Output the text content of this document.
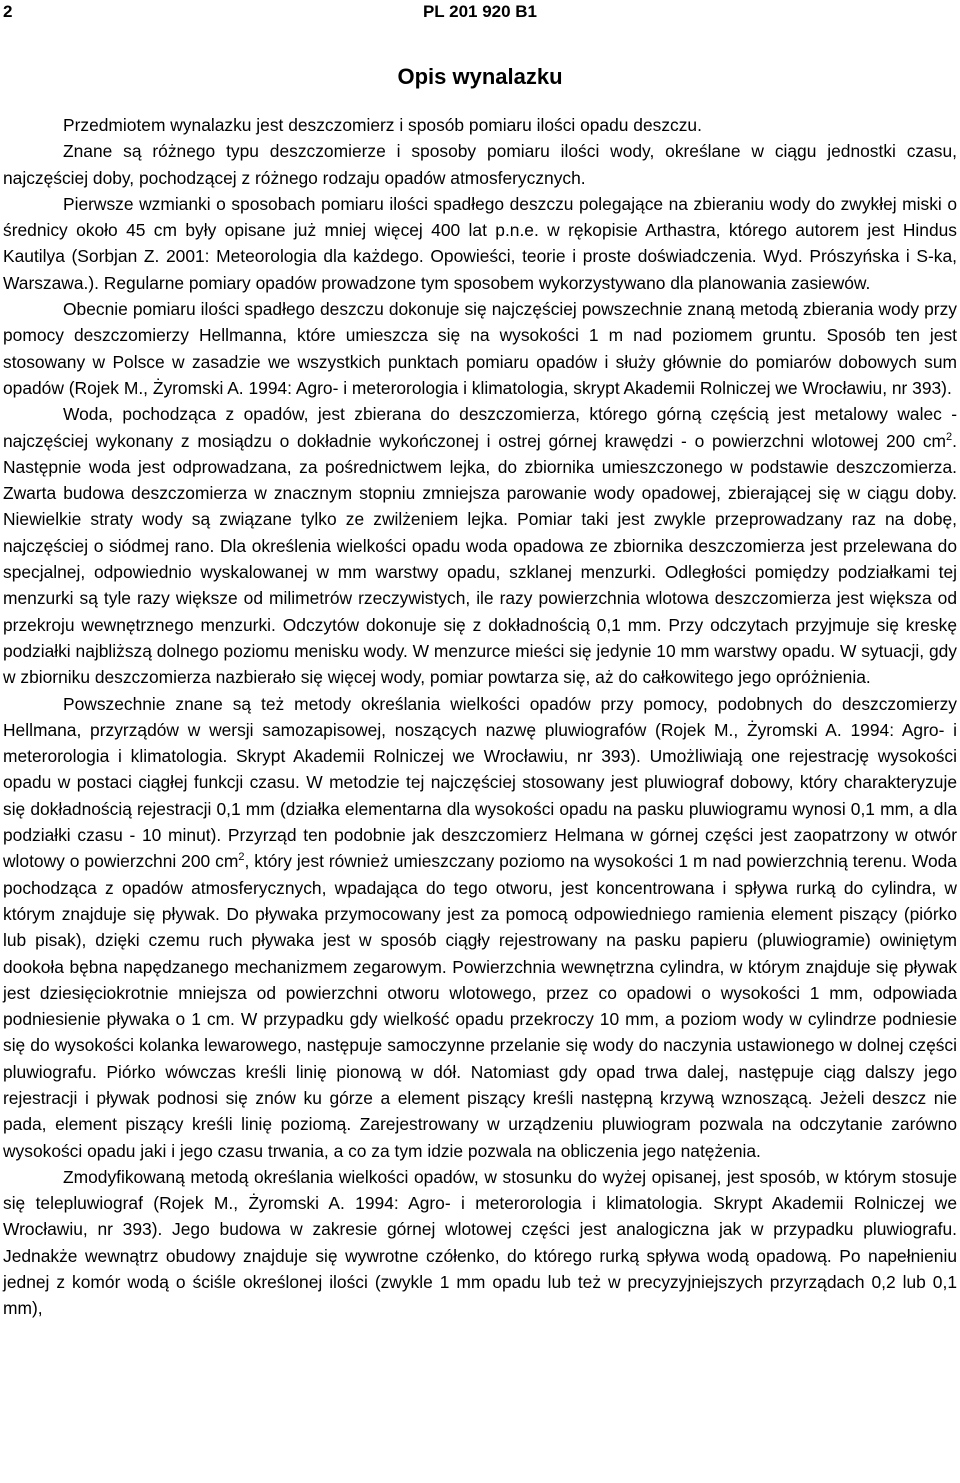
2	PL 201 920 B1
Opis wynalazku

Przedmiotem wynalazku jest deszczomierz i sposób pomiaru ilości opadu deszczu.

Znane są różnego typu deszczomierze i sposoby pomiaru ilości wody, określane w ciągu jednostki czasu, najczęściej doby, pochodzącej z różnego rodzaju opadów atmosferycznych.

Pierwsze wzmianki o sposobach pomiaru ilości spadłego deszczu polegające na zbieraniu wody do zwykłej miski o średnicy około 45 cm były opisane już mniej więcej 400 lat p.n.e. w rękopisie Arthastra, którego autorem jest Hindus Kautilya (Sorbjan Z. 2001: Meteorologia dla każdego. Opowieści, teorie i proste doświadczenia. Wyd. Prószyńska i S-ka, Warszawa.). Regularne pomiary opadów prowadzone tym sposobem wykorzystywano dla planowania zasiewów.

Obecnie pomiaru ilości spadłego deszczu dokonuje się najczęściej powszechnie znaną metodą zbierania wody przy pomocy deszczomierzy Hellmanna, które umieszcza się na wysokości 1 m nad poziomem gruntu. Sposób ten jest stosowany w Polsce w zasadzie we wszystkich punktach pomiaru opadów i służy głównie do pomiarów dobowych sum opadów (Rojek M., Żyromski A. 1994: Agro- i meterorologia i klimatologia, skrypt Akademii Rolniczej we Wrocławiu, nr 393).

Woda, pochodząca z opadów, jest zbierana do deszczomierza, którego górną częścią jest metalowy walec - najczęściej wykonany z mosiądzu o dokładnie wykończonej i ostrej górnej krawędzi - o powierzchni wlotowej 200 $cm^2$. Następnie woda jest odprowadzana, za pośrednictwem lejka, do zbiornika umieszczonego w podstawie deszczomierza. Zwarta budowa deszczomierza w znacznym stopniu zmniejsza parowanie wody opadowej, zbierającej się w ciągu doby. Niewielkie straty wody są związane tylko ze zwilżeniem lejka. Pomiar taki jest zwykle przeprowadzany raz na dobę, najczęściej o siódmej rano. Dla określenia wielkości opadu woda opadowa ze zbiornika deszczomierza jest przelewana do specjalnej, odpowiednio wyskalowanej w mm warstwy opadu, szklanej menzurki. Odległości pomiędzy podziałkami tej menzurki są tyle razy większe od milimetrów rzeczywistych, ile razy powierzchnia wlotowa deszczomierza jest większa od przekroju wewnętrznego menzurki. Odczytów dokonuje się z dokładnością 0,1 mm. Przy odczytach przyjmuje się kreskę podziałki najbliższą dolnego poziomu menisku wody. W menzurce mieści się jedynie 10 mm warstwy opadu. W sytuacji, gdy w zbiorniku deszczomierza nazbierało się więcej wody, pomiar powtarza się, aż do całkowitego jego opróżnienia.

Powszechnie znane są też metody określania wielkości opadów przy pomocy, podobnych do deszczomierzy Hellmana, przyrządów w wersji samozapisowej, noszących nazwę pluwiografów (Rojek M., Żyromski A. 1994: Agro- i meterorologia i klimatologia. Skrypt Akademii Rolniczej we Wrocławiu, nr 393). Umożliwiają one rejestrację wysokości opadu w postaci ciągłej funkcji czasu. W metodzie tej najczęściej stosowany jest pluwiograf dobowy, który charakteryzuje się dokładnością rejestracji 0,1 mm (działka elementarna dla wysokości opadu na pasku pluwiogramu wynosi 0,1 mm, a dla podziałki czasu - 10 minut). Przyrząd ten podobnie jak deszczomierz Helmana w górnej części jest zaopatrzony w otwór wlotowy o powierzchni 200 $cm^2$, który jest również umieszczany poziomo na wysokości 1 m nad powierzchnią terenu. Woda pochodząca z opadów atmosferycznych, wpadająca do tego otworu, jest koncentrowana i spływa rurką do cylindra, w którym znajduje się pływak. Do pływaka przymocowany jest za pomocą odpowiedniego ramienia element piszący (piórko lub pisak), dzięki czemu ruch pływaka jest w sposób ciągły rejestrowany na pasku papieru (pluwiogramie) owiniętym dookoła bębna napędzanego mechanizmem zegarowym. Powierzchnia wewnętrzna cylindra, w którym znajduje się pływak jest dziesięciokrotnie mniejsza od powierzchni otworu wlotowego, przez co opadowi o wysokości 1 mm, odpowiada podniesienie pływaka o 1 cm. W przypadku gdy wielkość opadu przekroczy 10 mm, a poziom wody w cylindrze podniesie się do wysokości kolanka lewarowego, następuje samoczynne przelanie się wody do naczynia ustawionego w dolnej części pluwiografu. Piórko wówczas kreśli linię pionową w dół. Natomiast gdy opad trwa dalej, następuje ciąg dalszy jego rejestracji i pływak podnosi się znów ku górze a element piszący kreśli następną krzywą wznoszącą. Jeżeli deszcz nie pada, element piszący kreśli linię poziomą. Zarejestrowany w urządzeniu pluwiogram pozwala na odczytanie zarówno wysokości opadu jaki i jego czasu trwania, a co za tym idzie pozwala na obliczenia jego natężenia.

Zmodyfikowaną metodą określania wielkości opadów, w stosunku do wyżej opisanej, jest sposób, w którym stosuje się telepluwiograf (Rojek M., Żyromski A. 1994: Agro- i meterorologia i klimatologia. Skrypt Akademii Rolniczej we Wrocławiu, nr 393). Jego budowa w zakresie górnej wlotowej części jest analogiczna jak w przypadku pluwiografu. Jednakże wewnątrz obudowy znajduje się wywrotne czółenko, do którego rurką spływa wodą opadową. Po napełnieniu jednej z komór wodą o ściśle określonej ilości (zwykle 1 mm opadu lub też w precyzyjniejszych przyrządach 0,2 lub 0,1 mm),
